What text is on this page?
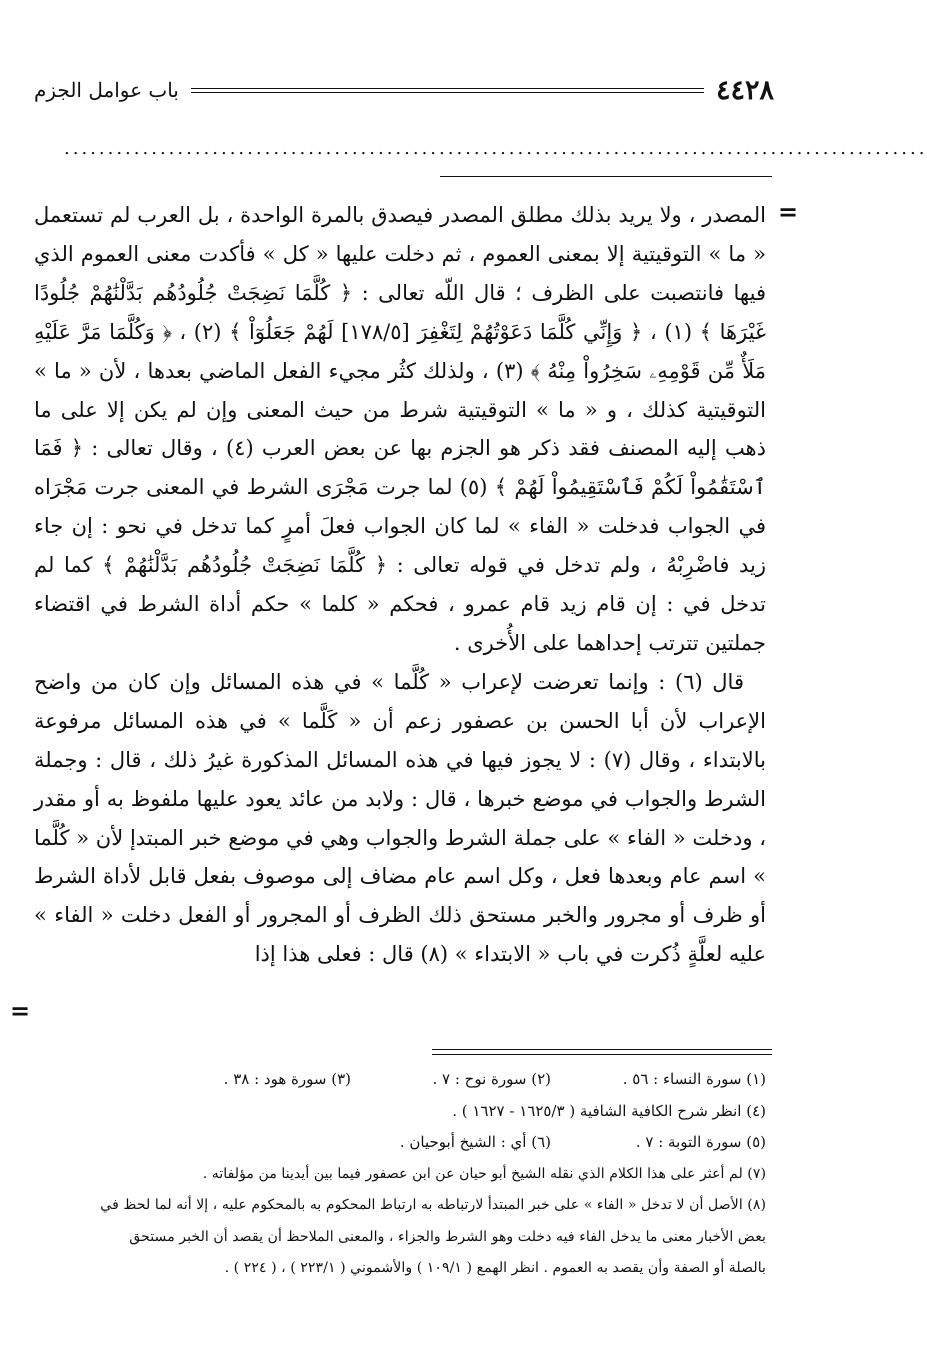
٤٤٢٨
باب عوامل الجزم
...................................................................................................
=

المصدر ، ولا يريد بذلك مطلق المصدر فيصدق بالمرة الواحدة ، بل العرب لم تستعمل « ما » التوقيتية إلا بمعنى العموم ، ثم دخلت عليها « كل » فأكدت معنى العموم الذي فيها فانتصبت على الظرف ؛ قال اللّه تعالى : ﴿ كُلَّمَا نَضِجَتْ جُلُودُهُم بَدَّلْنَٰهُمْ جُلُودًا غَيْرَهَا ﴾ (١) ، ﴿ وَإِنِّي كُلَّمَا دَعَوْتُهُمْ لِتَغْفِرَ [١٧٨/٥] لَهُمْ جَعَلُوٓاْ ﴾ (٢) ، ﴿ وَكُلَّمَا مَرَّ عَلَيْهِ مَلَأٌ مِّن قَوْمِهِۦ سَخِرُواْ مِنْهُ ﴾ (٣) ، ولذلك كثُر مجيء الفعل الماضي بعدها ، لأن « ما » التوقيتية كذلك ، و « ما » التوقيتية شرط من حيث المعنى وإن لم يكن إلا على ما ذهب إليه المصنف فقد ذكر هو الجزم بها عن بعض العرب (٤) ، وقال تعالى : ﴿ فَمَا ٱسْتَقَٰمُواْ لَكُمْ فَٱسْتَقِيمُواْ لَهُمْ ﴾ (٥) لما جرت مَجْرَى الشرط في المعنى جرت مَجْرَاه في الجواب فدخلت « الفاء » لما كان الجواب فعلَ أمرٍ كما تدخل في نحو : إن جاء زيد فاضْرِبْهُ ، ولم تدخل في قوله تعالى : ﴿ كُلَّمَا نَضِجَتْ جُلُودُهُم بَدَّلْنَٰهُمْ ﴾ كما لم تدخل في : إن قام زيد قام عمرو ، فحكم « كلما » حكم أداة الشرط في اقتضاء جملتين تترتب إحداهما على الأُخرى .

قال (٦) : وإنما تعرضت لإعراب « كُلَّما » في هذه المسائل وإن كان من واضح الإعراب لأن أبا الحسن بن عصفور زعم أن « كَلَّما » في هذه المسائل مرفوعة بالابتداء ، وقال (٧) : لا يجوز فيها في هذه المسائل المذكورة غيرُ ذلك ، قال : وجملة الشرط والجواب في موضع خبرها ، قال : ولابد من عائد يعود عليها ملفوظ به أو مقدر ، ودخلت « الفاء » على جملة الشرط والجواب وهي في موضع خبر المبتدإ لأن « كُلَّما » اسم عام وبعدها فعل ، وكل اسم عام مضاف إلى موصوف بفعل قابل لأداة الشرط أو ظرف أو مجرور والخبر مستحق ذلك الظرف أو المجرور أو الفعل دخلت « الفاء » عليه لعلَّةٍ ذُكرت في باب « الابتداء » (٨) قال : فعلى هذا إذا

=
(١) سورة النساء : ٥٦ .
(٢) سورة نوح : ٧ .
(٣) سورة هود : ٣٨ .
(٤) انظر شرح الكافية الشافية ( ١٦٢٥/٣ - ١٦٢٧ ) .
(٥) سورة التوبة : ٧ .
(٦) أي : الشيخ أبوحيان .
(٧) لم أعثر على هذا الكلام الذي نقله الشيخ أبو حيان عن ابن عصفور فيما بين أيدينا من مؤلفاته .
(٨) الأصل أن لا تدخل « الفاء » على خبر المبتدأ لارتباطه به ارتباط المحكوم به بالمحكوم عليه ، إلا أنه لما لحظ في
بعض الأخبار معنى ما يدخل الفاء فيه دخلت وهو الشرط والجزاء ، والمعنى الملاحظ أن يقصد أن الخبر مستحق
بالصلة أو الصفة وأن يقصد به العموم . انظر الهمع ( ١٠٩/١ ) والأشموني ( ٢٢٣/١ ) ، ( ٢٢٤ ) .
